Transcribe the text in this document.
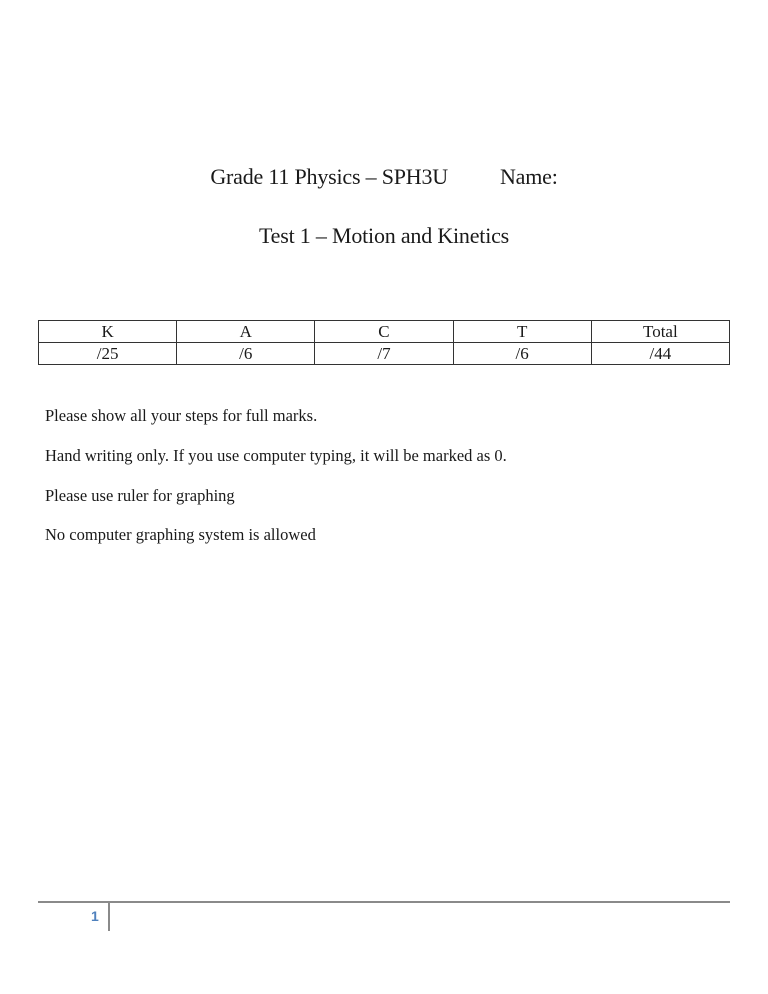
Grade 11 Physics – SPH3U Name:
Test 1 – Motion and Kinetics
K	A	C	T	Total
/25	/6	/7	/6	/44

Please show all your steps for full marks.

Hand writing only. If you use computer typing, it will be marked as 0.

Please use ruler for graphing

No computer graphing system is allowed

1
